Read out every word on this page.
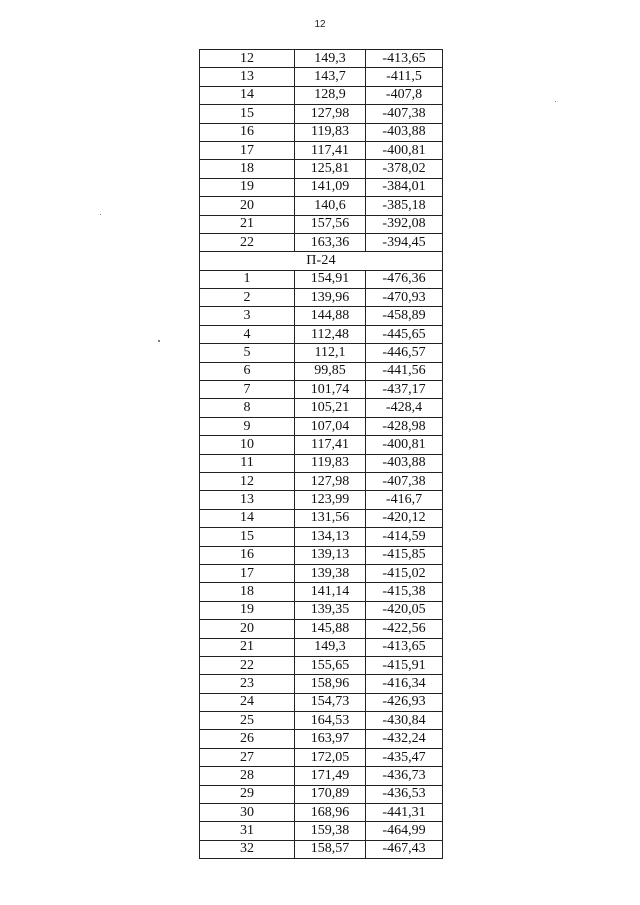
12
12	149,3	-413,65
13	143,7	-411,5
14	128,9	-407,8
15	127,98	-407,38
16	119,83	-403,88
17	117,41	-400,81
18	125,81	-378,02
19	141,09	-384,01
20	140,6	-385,18
21	157,56	-392,08
22	163,36	-394,45
П-24		
1	154,91	-476,36
2	139,96	-470,93
3	144,88	-458,89
4	112,48	-445,65
5	112,1	-446,57
6	99,85	-441,56
7	101,74	-437,17
8	105,21	-428,4
9	107,04	-428,98
10	117,41	-400,81
11	119,83	-403,88
12	127,98	-407,38
13	123,99	-416,7
14	131,56	-420,12
15	134,13	-414,59
16	139,13	-415,85
17	139,38	-415,02
18	141,14	-415,38
19	139,35	-420,05
20	145,88	-422,56
21	149,3	-413,65
22	155,65	-415,91
23	158,96	-416,34
24	154,73	-426,93
25	164,53	-430,84
26	163,97	-432,24
27	172,05	-435,47
28	171,49	-436,73
29	170,89	-436,53
30	168,96	-441,31
31	159,38	-464,99
32	158,57	-467,43
